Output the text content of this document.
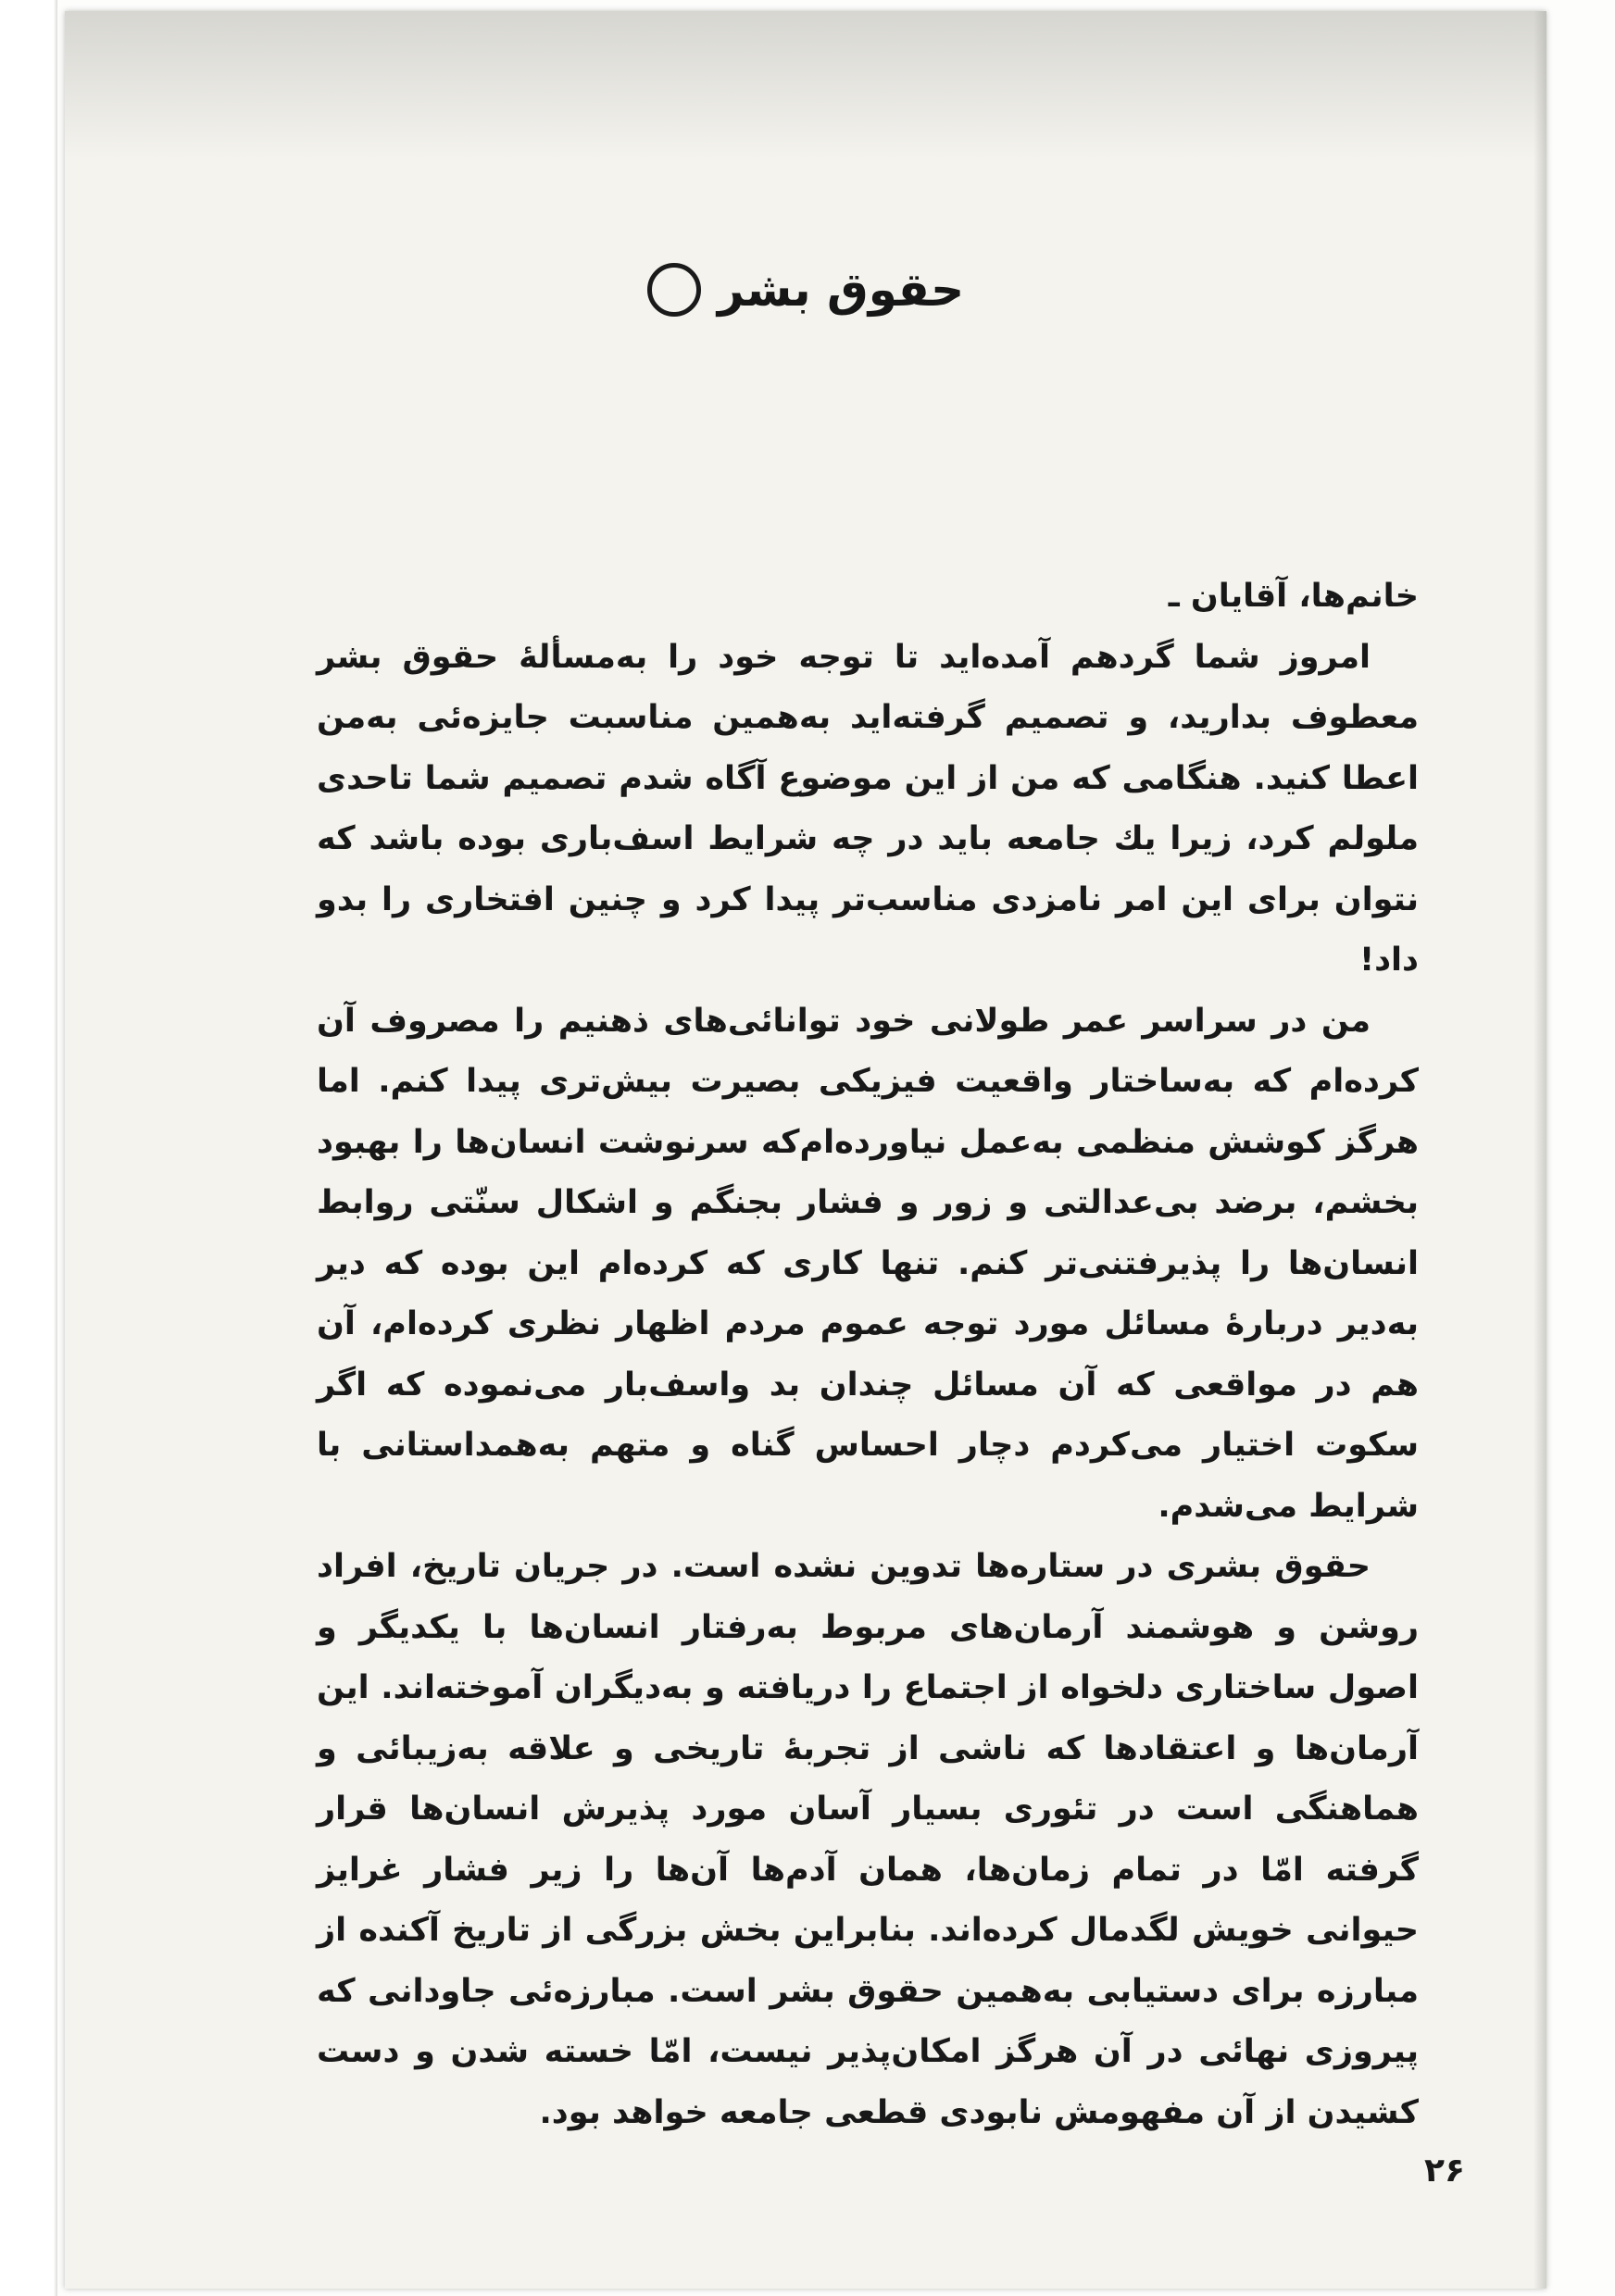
حقوق بشر

خانم‌ها، آقایان ـ

امروز شما گردهم آمده‌اید تا توجه خود را به‌مسألهٔ حقوق بشر معطوف بدارید، و تصمیم گرفته‌اید به‌همین مناسبت جایزه‌ئی به‌من اعطا کنید. هنگامی که من از این موضوع آگاه شدم تصمیم شما تاحدی ملولم کرد، زیرا یك جامعه باید در چه شرایط اسف‌باری بوده باشد که نتوان برای این امر نامزدی مناسب‌تر پیدا کرد و چنین افتخاری را بدو داد!

من در سراسر عمر طولانی خود توانائی‌های ذهنیم را مصروف آن کرده‌ام که به‌ساختار واقعیت فیزیکی بصیرت بیش‌تری پیدا کنم. اما هرگز کوشش منظمی به‌عمل نیاورده‌ام‌که سرنوشت انسان‌ها را بهبود بخشم، برضد بی‌عدالتی و زور و فشار بجنگم و اشکال سنّتی روابط انسان‌ها را پذیرفتنی‌تر کنم. تنها کاری که کرده‌ام این بوده که دیر به‌دیر دربارهٔ مسائل مورد توجه عموم مردم اظهار نظری کرده‌ام، آن هم در مواقعی که آن مسائل چندان بد واسف‌بار می‌نموده که اگر سکوت اختیار می‌کردم دچار احساس گناه و متهم به‌همداستانی با شرایط می‌شدم.

حقوق بشری در ستاره‌ها تدوین نشده است. در جریان تاریخ، افراد روشن و هوشمند آرمان‌های مربوط به‌رفتار انسان‌ها با یکدیگر و اصول ساختاری دلخواه از اجتماع را دریافته و به‌دیگران آموخته‌اند. این آرمان‌ها و اعتقادها که ناشی از تجربهٔ تاریخی و علاقه به‌زیبائی و هماهنگی است در تئوری بسیار آسان مورد پذیرش انسان‌ها قرار گرفته امّا در تمام زمان‌ها، همان آدم‌ها آن‌ها را زیر فشار غرایز حیوانی خویش لگدمال کرده‌اند. بنابراین بخش بزرگی از تاریخ آکنده از مبارزه برای دستیابی به‌همین حقوق بشر است. مبارزه‌ئی جاودانی که پیروزی نهائی در آن هرگز امکان‌پذیر نیست، امّا خسته شدن و دست کشیدن از آن مفهومش نابودی قطعی جامعه خواهد بود.

۲۶
